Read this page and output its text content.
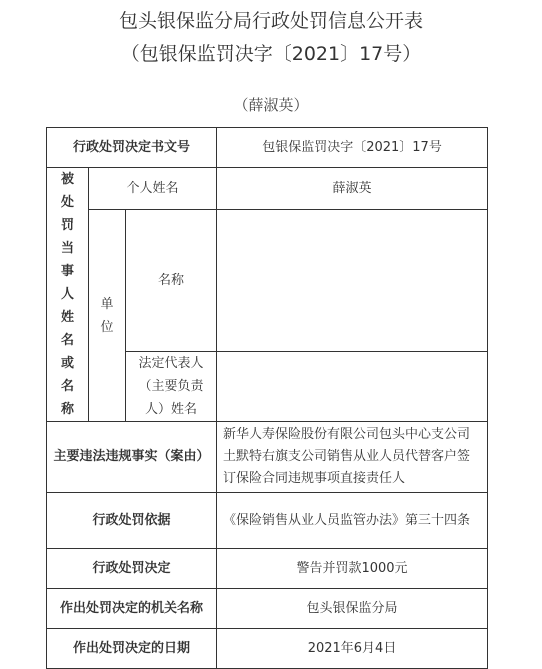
包头银保监分局行政处罚信息公开表
（包银保监罚决字〔2021〕17号）
（薛淑英）
行政处罚决定书文号			包银保监罚决字〔2021〕17号
被处罚当事人姓名或名称	个人姓名		薛淑英
	单位	名称	
		法定代表人（主要负责人）姓名	
主要违法违规事实（案由）			新华人寿保险股份有限公司包头中心支公司土默特右旗支公司销售从业人员代替客户签订保险合同违规事项直接责任人
行政处罚依据			《保险销售从业人员监管办法》第三十四条
行政处罚决定			警告并罚款1000元
作出处罚决定的机关名称			包头银保监分局
作出处罚决定的日期			2021年6月4日
